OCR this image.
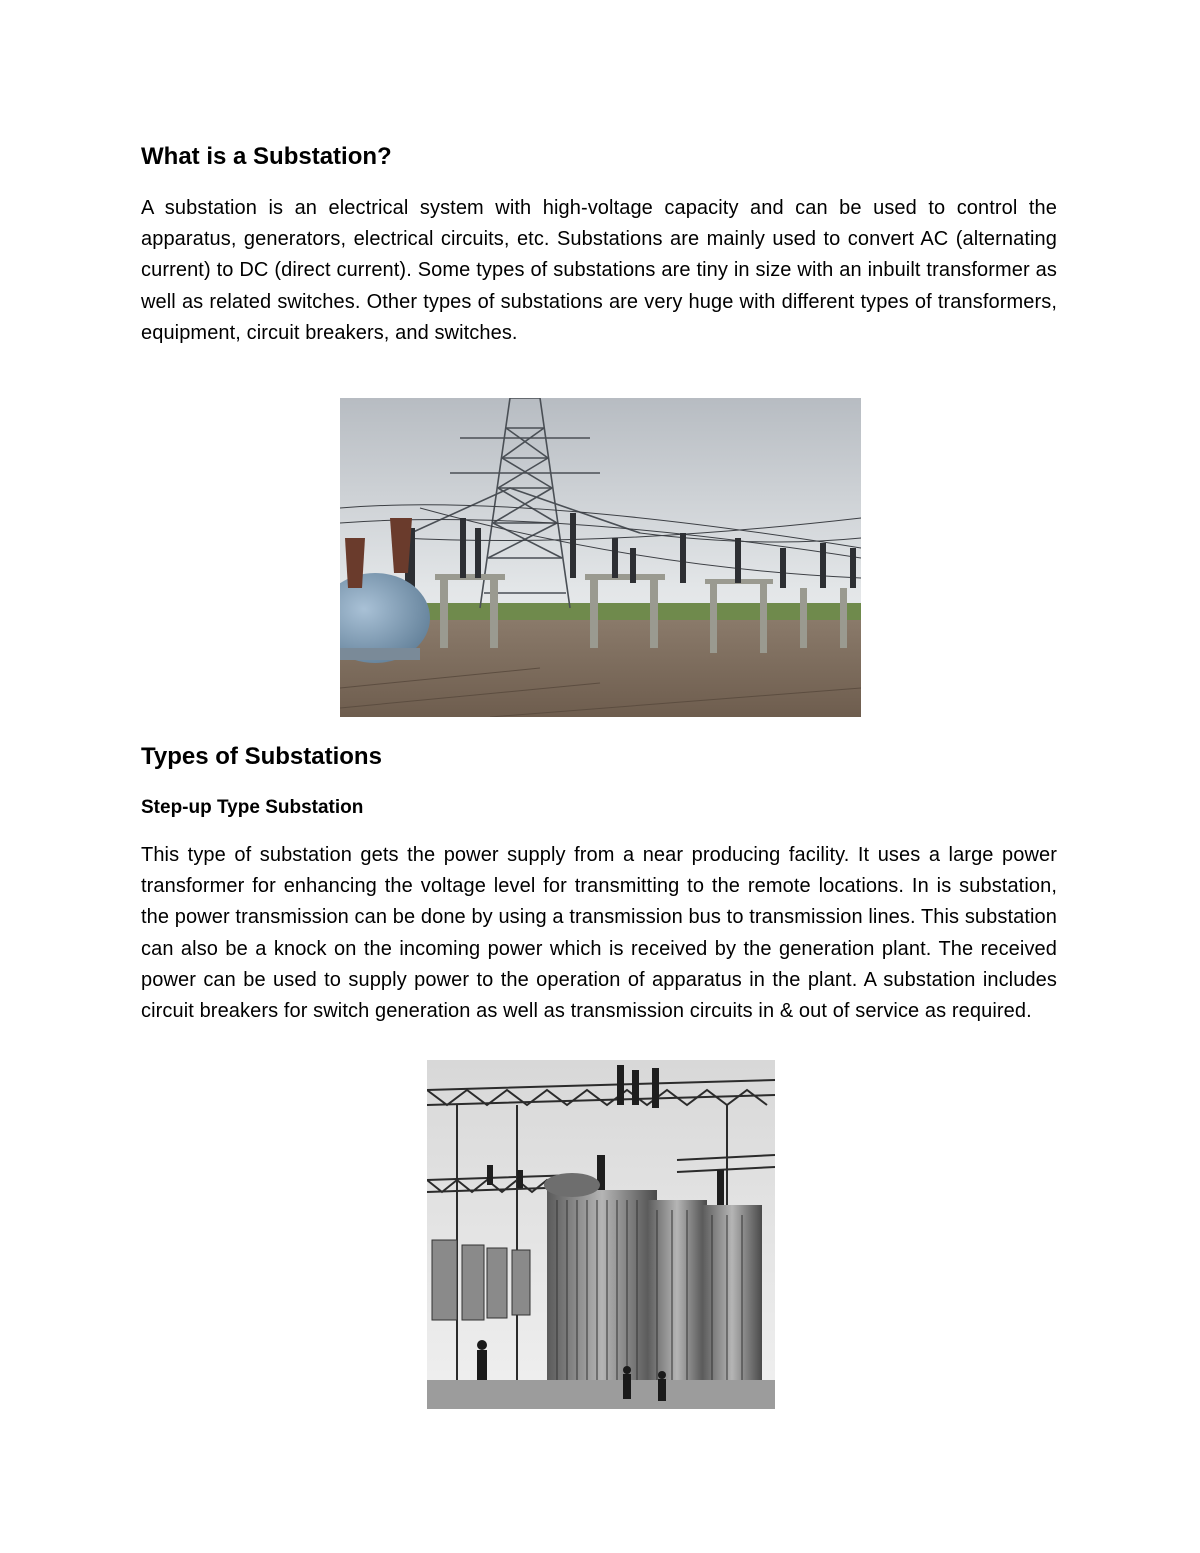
What is a Substation?

A substation is an electrical system with high-voltage capacity and can be used to control the apparatus, generators, electrical circuits, etc. Substations are mainly used to convert AC (alternating current) to DC (direct current). Some types of substations are tiny in size with an inbuilt transformer as well as related switches. Other types of substations are very huge with different types of transformers, equipment, circuit breakers, and switches.

Types of Substations
Step-up Type Substation

This type of substation gets the power supply from a near producing facility. It uses a large power transformer for enhancing the voltage level for transmitting to the remote locations. In is substation, the power transmission can be done by using a transmission bus to transmission lines. This substation can also be a knock on the incoming power which is received by the generation plant. The received power can be used to supply power to the operation of apparatus in the plant. A substation includes circuit breakers for switch generation as well as transmission circuits in & out of service as required.
